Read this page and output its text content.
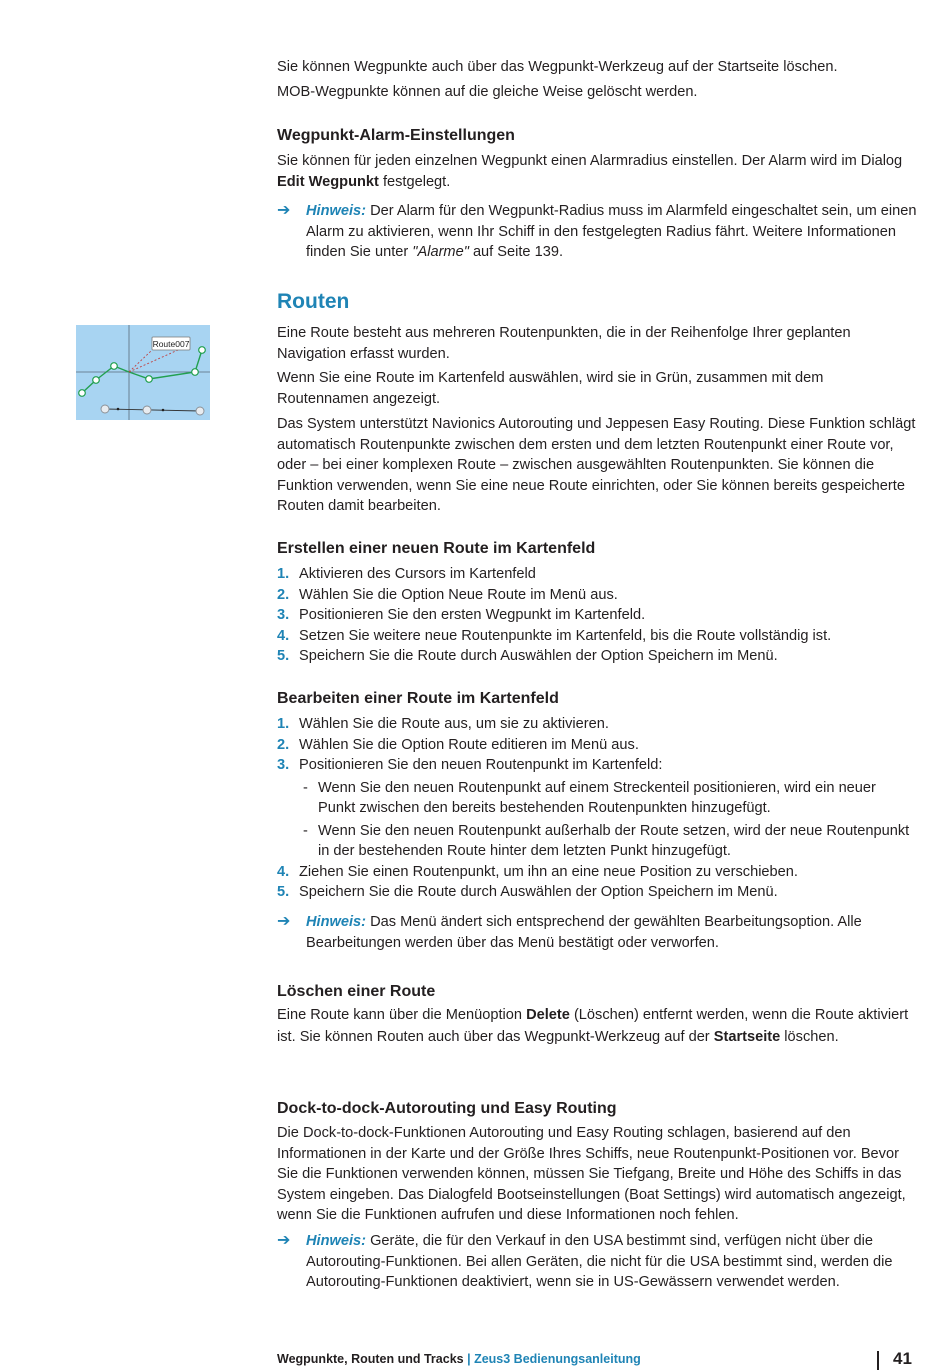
Sie können Wegpunkte auch über das Wegpunkt-Werkzeug auf der Startseite löschen.

MOB-Wegpunkte können auf die gleiche Weise gelöscht werden.

Wegpunkt-Alarm-Einstellungen

Sie können für jeden einzelnen Wegpunkt einen Alarmradius einstellen. Der Alarm wird im Dialog Edit Wegpunkt festgelegt.

➔ Hinweis: Der Alarm für den Wegpunkt-Radius muss im Alarmfeld eingeschaltet sein, um einen Alarm zu aktivieren, wenn Ihr Schiff in den festgelegten Radius fährt. Weitere Informationen finden Sie unter "Alarme" auf Seite 139.
Routen
Route007

Eine Route besteht aus mehreren Routenpunkten, die in der Reihenfolge Ihrer geplanten Navigation erfasst wurden.

Wenn Sie eine Route im Kartenfeld auswählen, wird sie in Grün, zusammen mit dem Routennamen angezeigt.

Das System unterstützt Navionics Autorouting und Jeppesen Easy Routing. Diese Funktion schlägt automatisch Routenpunkte zwischen dem ersten und dem letzten Routenpunkt einer Route vor, oder – bei einer komplexen Route – zwischen ausgewählten Routenpunkten. Sie können die Funktion verwenden, wenn Sie eine neue Route einrichten, oder Sie können bereits gespeicherte Routen damit bearbeiten.

Erstellen einer neuen Route im Kartenfeld
1. Aktivieren des Cursors im Kartenfeld
2. Wählen Sie die Option Neue Route im Menü aus.
3. Positionieren Sie den ersten Wegpunkt im Kartenfeld.
4. Setzen Sie weitere neue Routenpunkte im Kartenfeld, bis die Route vollständig ist.
5. Speichern Sie die Route durch Auswählen der Option Speichern im Menü.
Bearbeiten einer Route im Kartenfeld
1. Wählen Sie die Route aus, um sie zu aktivieren.
2. Wählen Sie die Option Route editieren im Menü aus.
3. Positionieren Sie den neuen Routenpunkt im Kartenfeld:
- Wenn Sie den neuen Routenpunkt auf einem Streckenteil positionieren, wird ein neuer Punkt zwischen den bereits bestehenden Routenpunkten hinzugefügt.
- Wenn Sie den neuen Routenpunkt außerhalb der Route setzen, wird der neue Routenpunkt in der bestehenden Route hinter dem letzten Punkt hinzugefügt.
4. Ziehen Sie einen Routenpunkt, um ihn an eine neue Position zu verschieben.
5. Speichern Sie die Route durch Auswählen der Option Speichern im Menü.
➔ Hinweis: Das Menü ändert sich entsprechend der gewählten Bearbeitungsoption. Alle Bearbeitungen werden über das Menü bestätigt oder verworfen.
Löschen einer Route

Eine Route kann über die Menüoption Delete (Löschen) entfernt werden, wenn die Route aktiviert ist. Sie können Routen auch über das Wegpunkt-Werkzeug auf der Startseite löschen.

Dock-to-dock-Autorouting und Easy Routing

Die Dock-to-dock-Funktionen Autorouting und Easy Routing schlagen, basierend auf den Informationen in der Karte und der Größe Ihres Schiffs, neue Routenpunkt-Positionen vor. Bevor Sie die Funktionen verwenden können, müssen Sie Tiefgang, Breite und Höhe des Schiffs in das System eingeben. Das Dialogfeld Bootseinstellungen (Boat Settings) wird automatisch angezeigt, wenn Sie die Funktionen aufrufen und diese Informationen noch fehlen.

➔ Hinweis: Geräte, die für den Verkauf in den USA bestimmt sind, verfügen nicht über die Autorouting-Funktionen. Bei allen Geräten, die nicht für die USA bestimmt sind, werden die Autorouting-Funktionen deaktiviert, wenn sie in US-Gewässern verwendet werden.
Wegpunkte, Routen und Tracks | Zeus3 Bedienungsanleitung	41
